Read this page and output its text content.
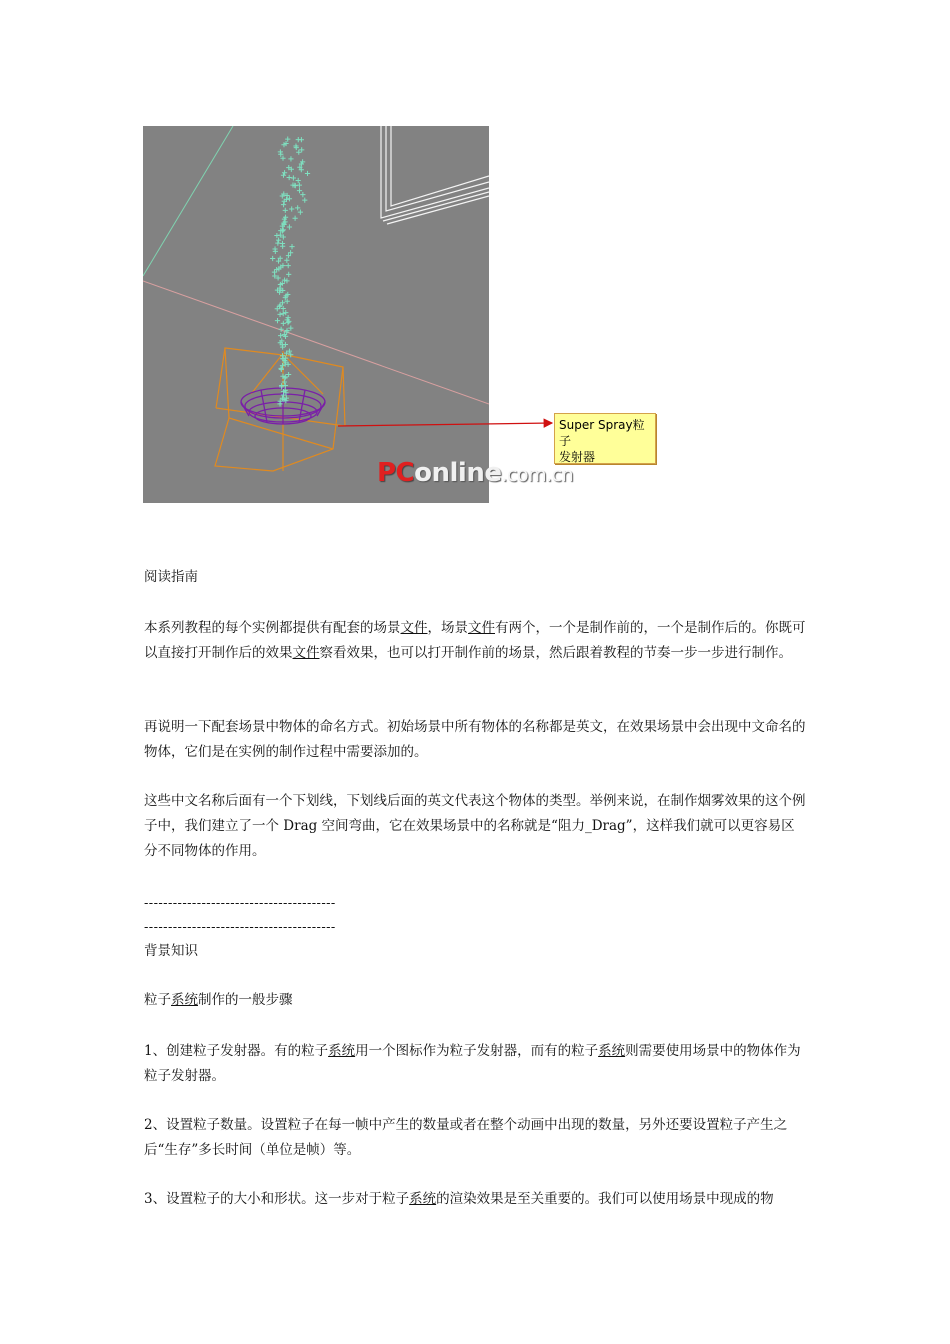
Super Spray粒子
发射器
PConline.com.cn

阅读指南

本系列教程的每个实例都提供有配套的场景文件，场景文件有两个，一个是制作前的，一个是制作后的。你既可以直接打开制作后的效果文件察看效果，也可以打开制作前的场景，然后跟着教程的节奏一步一步进行制作。

再说明一下配套场景中物体的命名方式。初始场景中所有物体的名称都是英文，在效果场景中会出现中文命名的物体，它们是在实例的制作过程中需要添加的。

这些中文名称后面有一个下划线，下划线后面的英文代表这个物体的类型。举例来说，在制作烟雾效果的这个例子中，我们建立了一个 Drag 空间弯曲，它在效果场景中的名称就是“阻力_Drag”，这样我们就可以更容易区分不同物体的作用。

----------------------------------------
----------------------------------------

背景知识

粒子系统制作的一般步骤

1、创建粒子发射器。有的粒子系统用一个图标作为粒子发射器，而有的粒子系统则需要使用场景中的物体作为粒子发射器。

2、设置粒子数量。设置粒子在每一帧中产生的数量或者在整个动画中出现的数量，另外还要设置粒子产生之后“生存”多长时间（单位是帧）等。

3、设置粒子的大小和形状。这一步对于粒子系统的渲染效果是至关重要的。我们可以使用场景中现成的物
